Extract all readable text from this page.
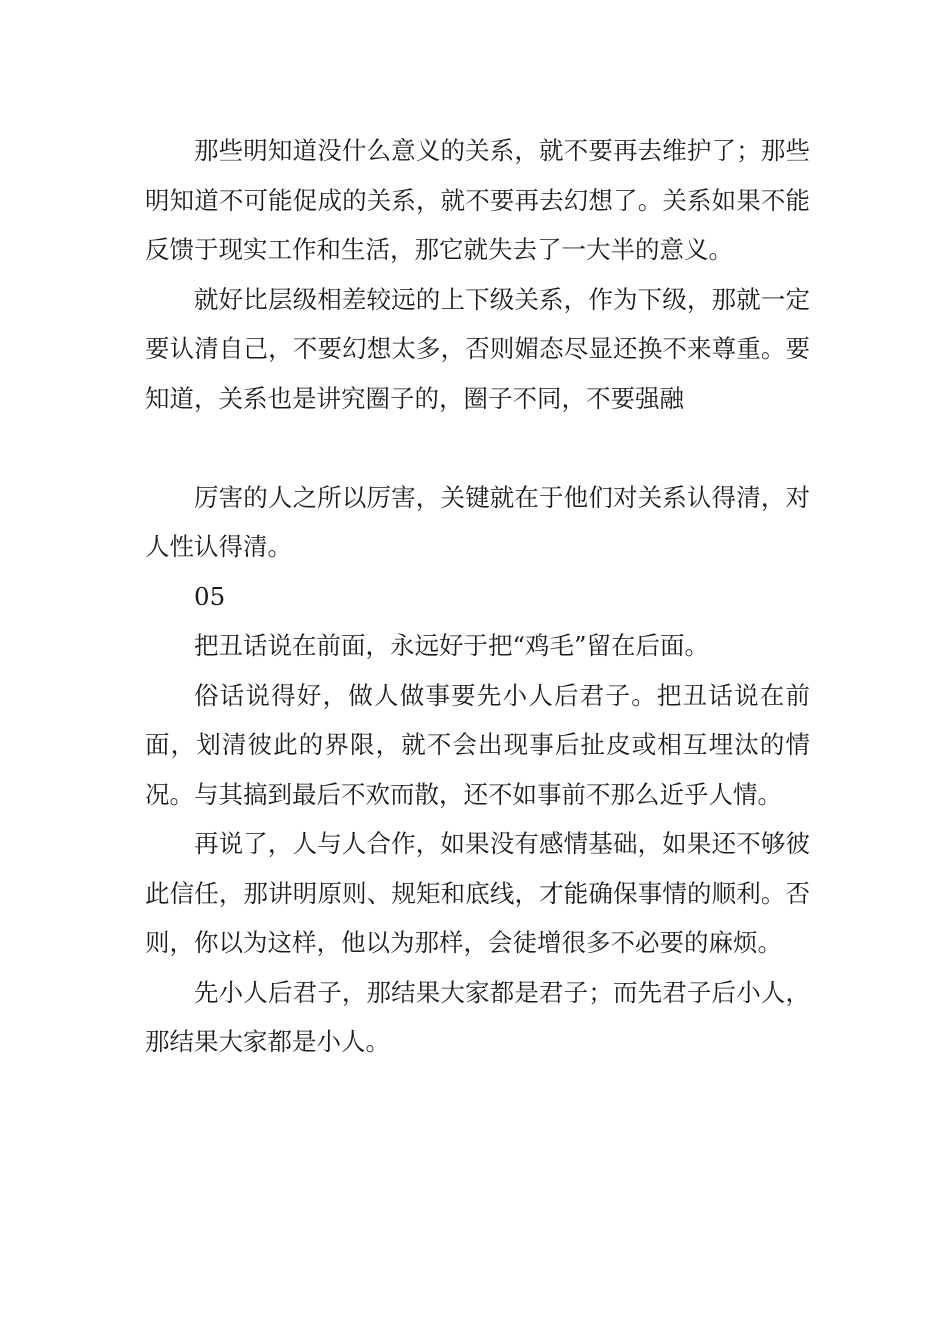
那些明知道没什么意义的关系，就不要再去维护了；那些明知道不可能促成的关系，就不要再去幻想了。关系如果不能反馈于现实工作和生活，那它就失去了一大半的意义。

就好比层级相差较远的上下级关系，作为下级，那就一定要认清自己，不要幻想太多，否则媚态尽显还换不来尊重。要知道，关系也是讲究圈子的，圈子不同，不要强融

厉害的人之所以厉害，关键就在于他们对关系认得清，对人性认得清。

05

把丑话说在前面，永远好于把“鸡毛”留在后面。

俗话说得好，做人做事要先小人后君子。把丑话说在前面，划清彼此的界限，就不会出现事后扯皮或相互埋汰的情况。与其搞到最后不欢而散，还不如事前不那么近乎人情。

再说了，人与人合作，如果没有感情基础，如果还不够彼此信任，那讲明原则、规矩和底线，才能确保事情的顺利。否则，你以为这样，他以为那样，会徒增很多不必要的麻烦。

先小人后君子，那结果大家都是君子；而先君子后小人，那结果大家都是小人。
